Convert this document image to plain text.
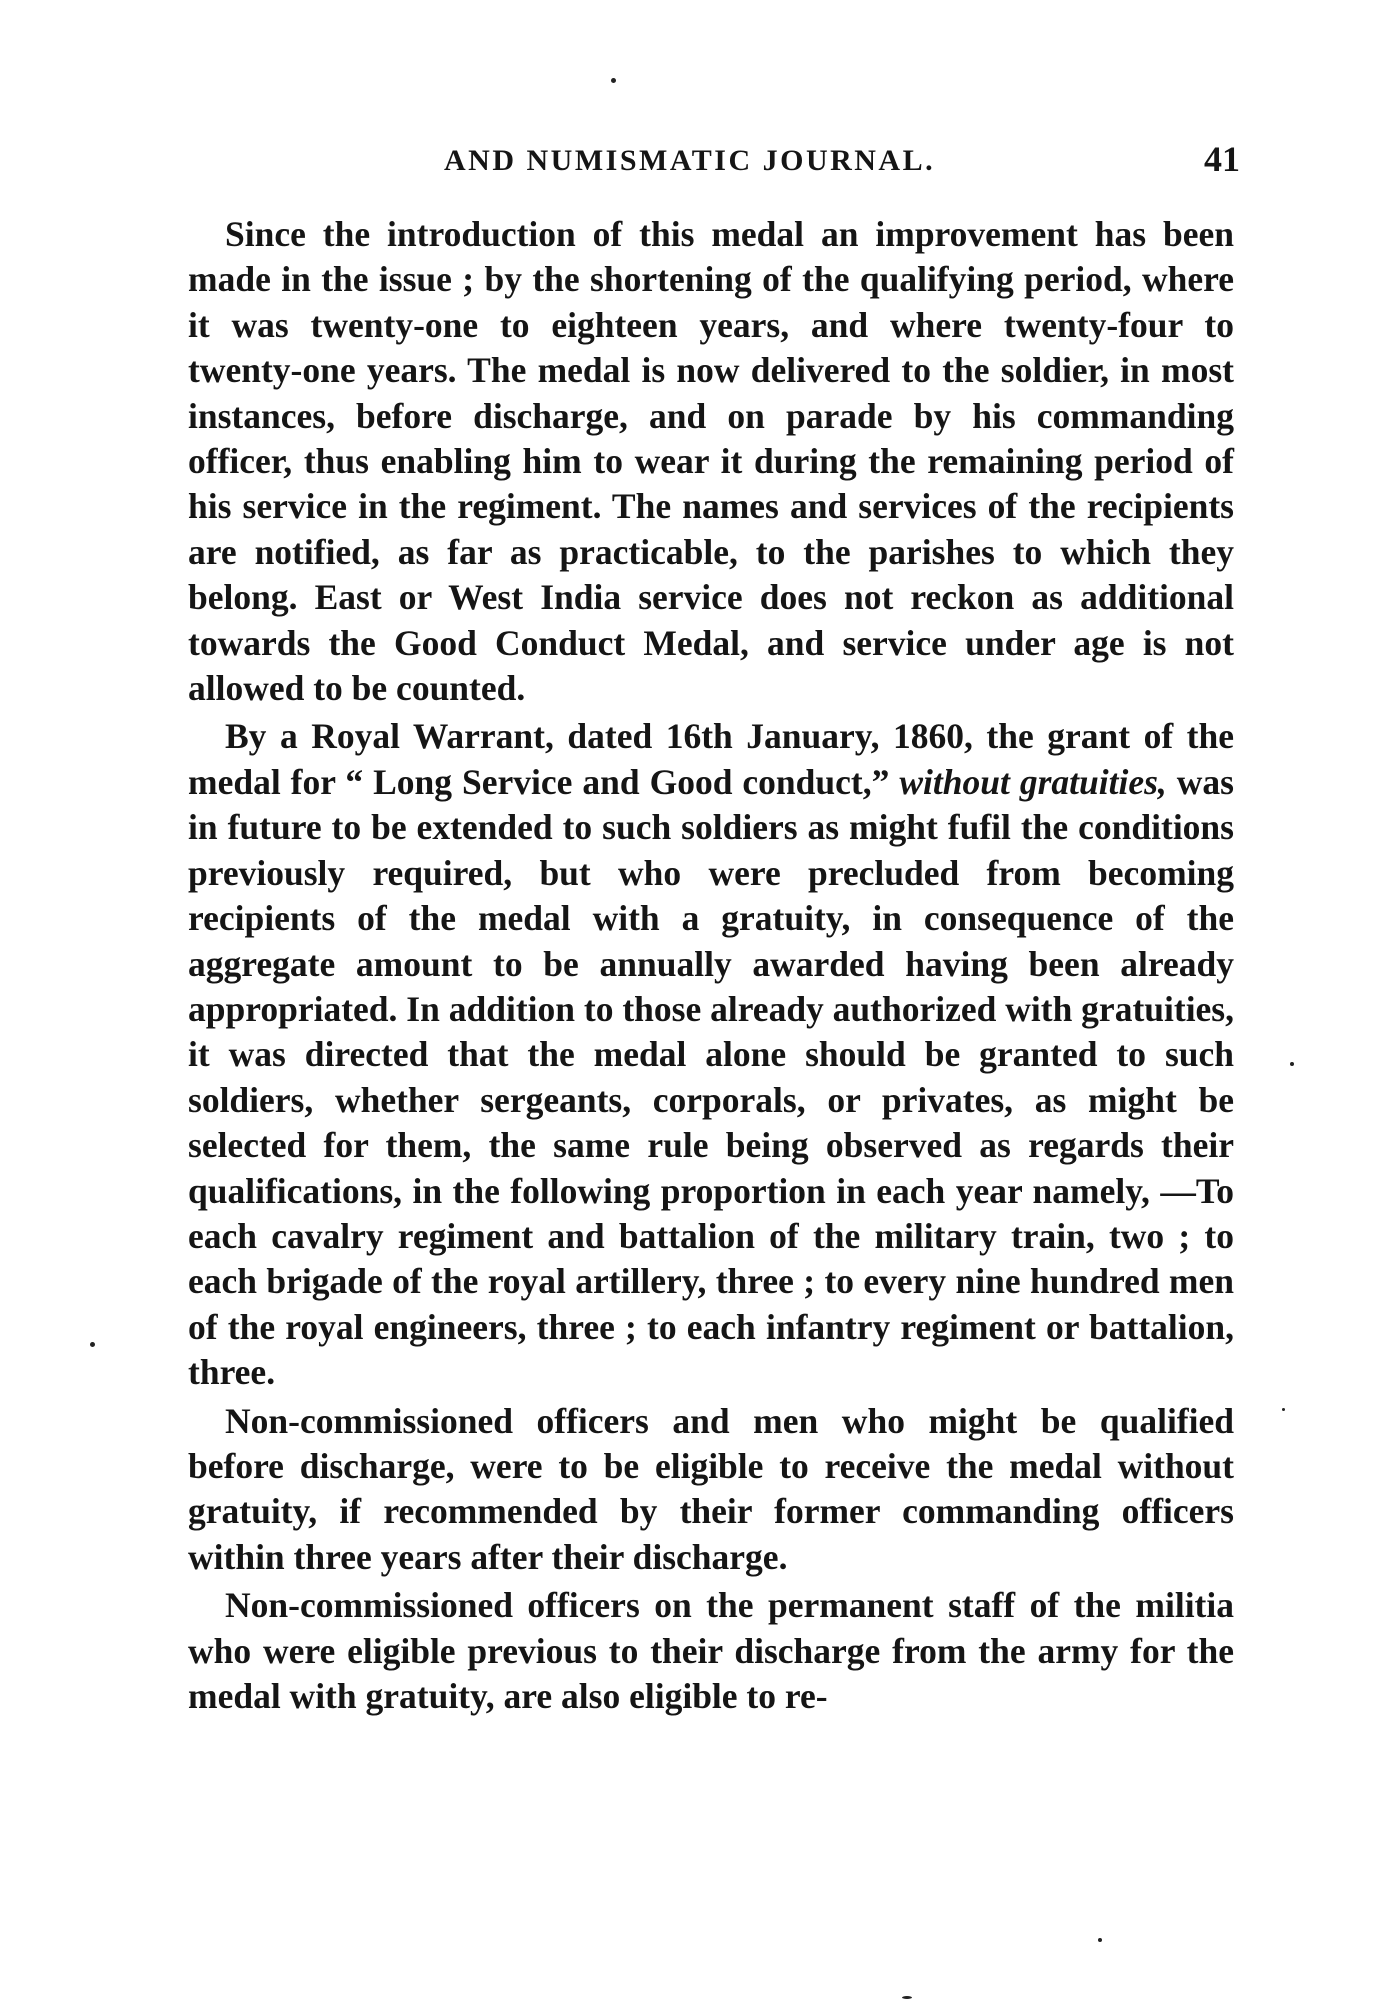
AND NUMISMATIC JOURNAL.	41

Since the introduction of this medal an improvement has been made in the issue ; by the shortening of the qualifying period, where it was twenty-one to eighteen years, and where twenty-four to twenty-one years. The medal is now delivered to the soldier, in most instances, before discharge, and on parade by his commanding officer, thus enabling him to wear it during the remaining period of his service in the regiment. The names and services of the recipients are notified, as far as practicable, to the parishes to which they belong. East or West India service does not reckon as additional towards the Good Conduct Medal, and service under age is not allowed to be counted.

By a Royal Warrant, dated 16th January, 1860, the grant of the medal for “ Long Service and Good conduct,” without gratuities, was in future to be extended to such soldiers as might fufil the conditions previously required, but who were precluded from becoming recipients of the medal with a gratuity, in consequence of the aggregate amount to be annually awarded having been already appropriated. In addition to those already authorized with gratuities, it was directed that the medal alone should be granted to such soldiers, whether sergeants, corporals, or privates, as might be selected for them, the same rule being observed as regards their qualifications, in the following proportion in each year namely, —To each cavalry regiment and battalion of the military train, two ; to each brigade of the royal artillery, three ; to every nine hundred men of the royal engineers, three ; to each infantry regiment or battalion, three.

Non-commissioned officers and men who might be qualified before discharge, were to be eligible to receive the medal without gratuity, if recommended by their former commanding officers within three years after their discharge.

Non-commissioned officers on the permanent staff of the militia who were eligible previous to their discharge from the army for the medal with gratuity, are also eligible to re-
